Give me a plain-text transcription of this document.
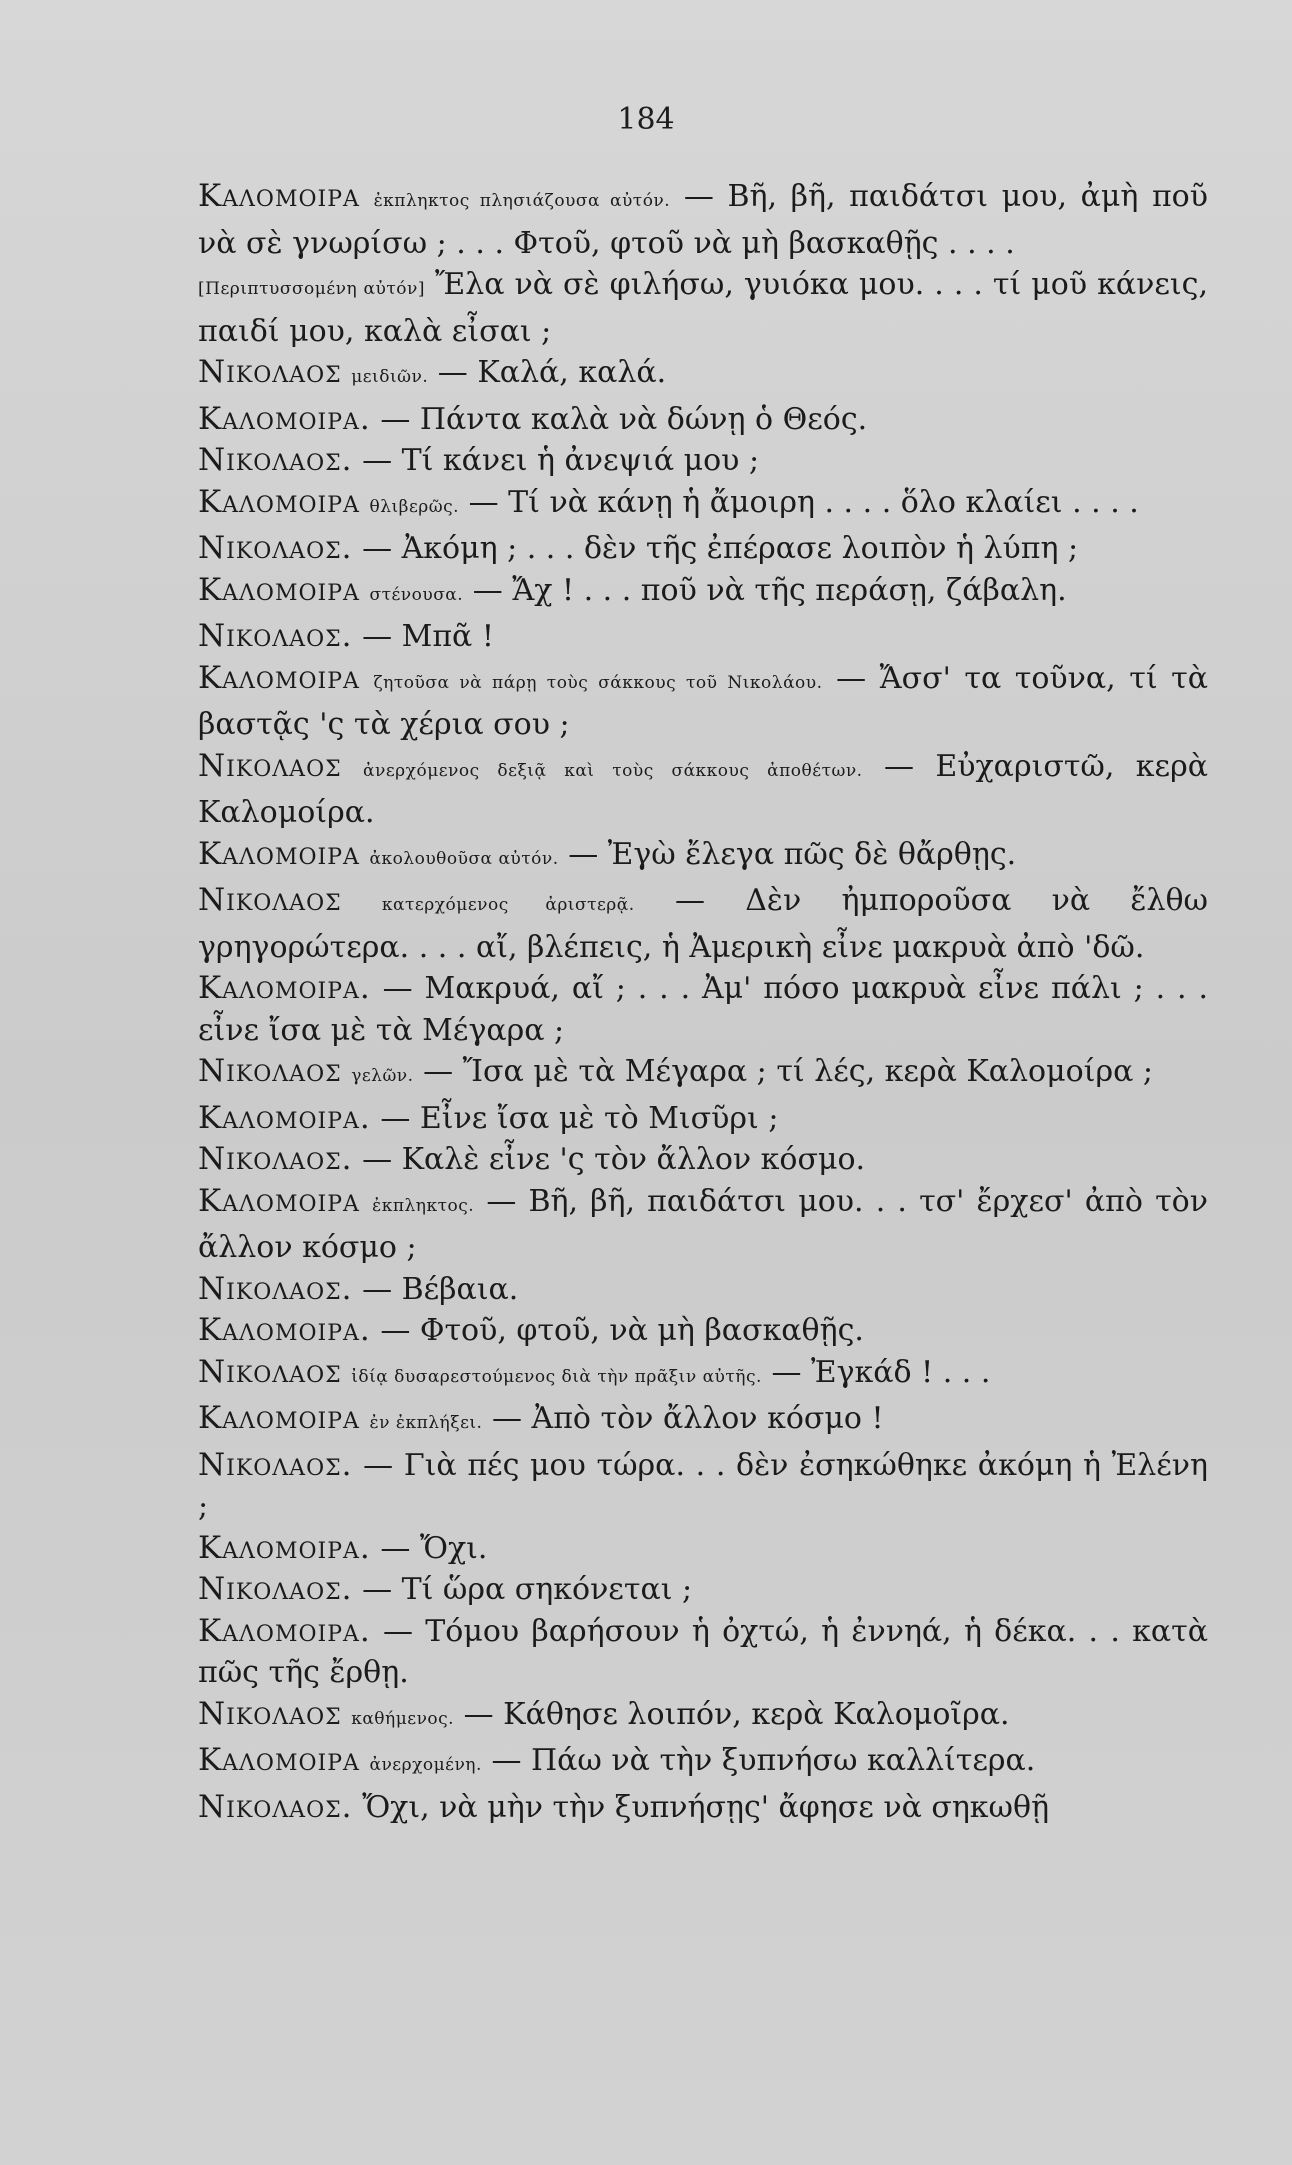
184

Καλομοιρα ἐκπληκτος πλησιάζουσα αὐτόν. — Βῆ, βῆ, παιδάτσι μου, ἀμὴ ποῦ νὰ σὲ γνωρίσω ; . . . Φτοῦ, φτοῦ νὰ μὴ βασκαθῇς . . . .

[Περιπτυσσομένη αὐτόν] Ἔλα νὰ σὲ φιλήσω, γυιόκα μου. . . . τί μοῦ κάνεις, παιδί μου, καλὰ εἶσαι ;

Νικολαος μειδιῶν. — Καλά, καλά.

Καλομοιρα. — Πάντα καλὰ νὰ δώνῃ ὁ Θεός.

Νικολαος. — Τί κάνει ἡ ἀνεψιά μου ;

Καλομοιρα θλιβερῶς. — Τί νὰ κάνῃ ἡ ἄμοιρη . . . . ὅλο κλαίει . . . .

Νικολαος. — Ἀκόμη ; . . . δὲν τῆς ἐπέρασε λοιπὸν ἡ λύπη ;

Καλομοιρα στένουσα. — Ἄχ ! . . . ποῦ νὰ τῆς περάσῃ, ζάβαλη.

Νικολαος. — Μπᾶ !

Καλομοιρα ζητοῦσα νὰ πάρῃ τοὺς σάκκους τοῦ Νικολάου. — Ἄσσ' τα τοῦνα, τί τὰ βαστᾷς 'ς τὰ χέρια σου ;

Νικολαος ἀνερχόμενος δεξιᾷ καὶ τοὺς σάκκους ἀποθέτων. — Εὐχαριστῶ, κερὰ Καλομοίρα.

Καλομοιρα ἀκολουθοῦσα αὐτόν. — Ἐγὼ ἔλεγα πῶς δὲ θἄρθῃς.

Νικολαος κατερχόμενος ἀριστερᾷ. — Δὲν ἠμποροῦσα νὰ ἔλθω γρηγορώτερα. . . . αἴ, βλέπεις, ἡ Ἀμερικὴ εἶνε μακρυὰ ἀπὸ 'δῶ.

Καλομοιρα. — Μακρυά, αἴ ; . . . Ἀμ' πόσο μακρυὰ εἶνε πάλι ; . . . εἶνε ἴσα μὲ τὰ Μέγαρα ;

Νικολαος γελῶν. — Ἴσα μὲ τὰ Μέγαρα ; τί λές, κερὰ Καλομοίρα ;

Καλομοιρα. — Εἶνε ἴσα μὲ τὸ Μισῦρι ;

Νικολαος. — Καλὲ εἶνε 'ς τὸν ἄλλον κόσμο.

Καλομοιρα ἐκπληκτος. — Βῆ, βῆ, παιδάτσι μου. . . τσ' ἔρχεσ' ἀπὸ τὸν ἄλλον κόσμο ;

Νικολαος. — Βέβαια.

Καλομοιρα. — Φτοῦ, φτοῦ, νὰ μὴ βασκαθῇς.

Νικολαος ἰδίᾳ δυσαρεστούμενος διὰ τὴν πρᾶξιν αὐτῆς. — Ἐγκάδ ! . . .

Καλομοιρα ἐν ἐκπλήξει. — Ἀπὸ τὸν ἄλλον κόσμο !

Νικολαος. — Γιὰ πές μου τώρα. . . δὲν ἐσηκώθηκε ἀκόμη ἡ Ἐλένη ;

Καλομοιρα. — Ὄχι.

Νικολαος. — Τί ὥρα σηκόνεται ;

Καλομοιρα. — Τόμου βαρήσουν ἡ ὀχτώ, ἡ ἐννηά, ἡ δέκα. . . κατὰ πῶς τῆς ἔρθῃ.

Νικολαος καθήμενος. — Κάθησε λοιπόν, κερὰ Καλομοῖρα.

Καλομοιρα ἀνερχομένη. — Πάω νὰ τὴν ξυπνήσω καλλίτερα.

Νικολαος. Ὄχι, νὰ μὴν τὴν ξυπνήσῃς' ἄφησε νὰ σηκωθῇ
